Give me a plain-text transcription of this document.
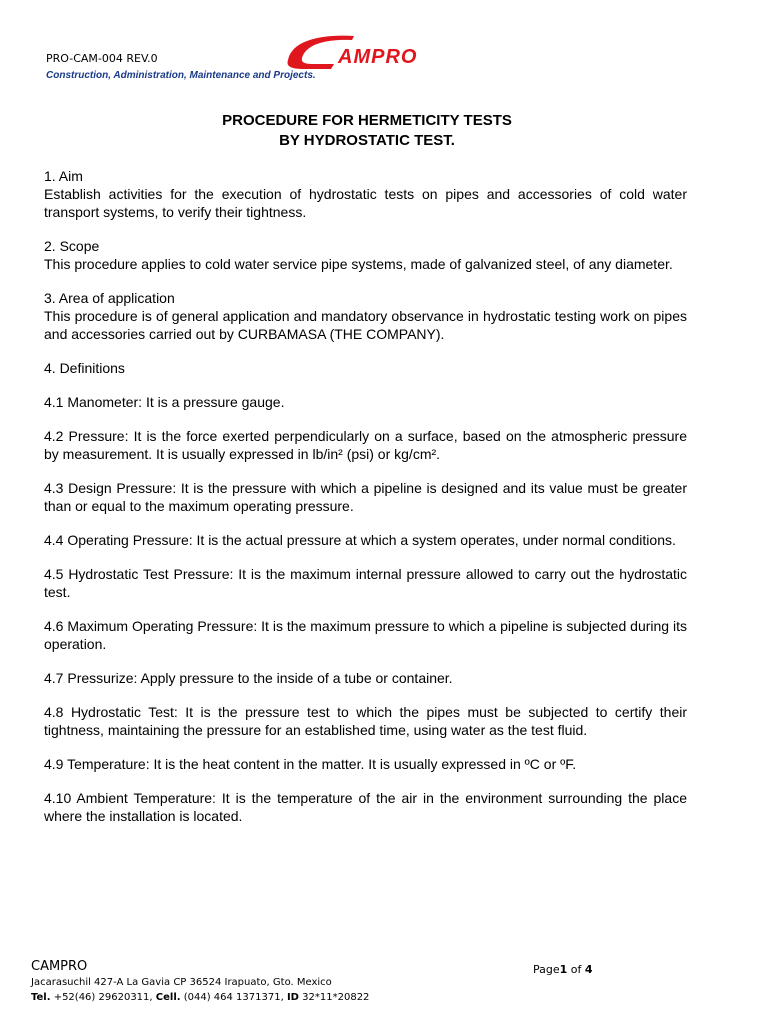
PRO-CAM-004 REV.0
Construction, Administration, Maintenance and Projects.
AMPRO
PROCEDURE FOR HERMETICITY TESTS
BY HYDROSTATIC TEST.

1. Aim

Establish activities for the execution of hydrostatic tests on pipes and accessories of cold water transport systems, to verify their tightness.

2. Scope

This procedure applies to cold water service pipe systems, made of galvanized steel, of any diameter.

3. Area of application

This procedure is of general application and mandatory observance in hydrostatic testing work on pipes and accessories carried out by CURBAMASA (THE COMPANY).

4. Definitions

4.1 Manometer: It is a pressure gauge.

4.2 Pressure: It is the force exerted perpendicularly on a surface, based on the atmospheric pressure by measurement. It is usually expressed in lb/in² (psi) or kg/cm².

4.3 Design Pressure: It is the pressure with which a pipeline is designed and its value must be greater than or equal to the maximum operating pressure.

4.4 Operating Pressure: It is the actual pressure at which a system operates, under normal conditions.

4.5 Hydrostatic Test Pressure: It is the maximum internal pressure allowed to carry out the hydrostatic test.

4.6 Maximum Operating Pressure: It is the maximum pressure to which a pipeline is subjected during its operation.

4.7 Pressurize: Apply pressure to the inside of a tube or container.

4.8 Hydrostatic Test: It is the pressure test to which the pipes must be subjected to certify their tightness, maintaining the pressure for an established time, using water as the test fluid.

4.9 Temperature: It is the heat content in the matter. It is usually expressed in ºC or ºF.

4.10 Ambient Temperature: It is the temperature of the air in the environment surrounding the place where the installation is located.

CAMPRO
Jacarasuchil 427-A La Gavia CP 36524 Irapuato, Gto. Mexico
Tel. +52(46) 29620311, Cell. (044) 464 1371371, ID 32*11*20822
Page1 of 4
